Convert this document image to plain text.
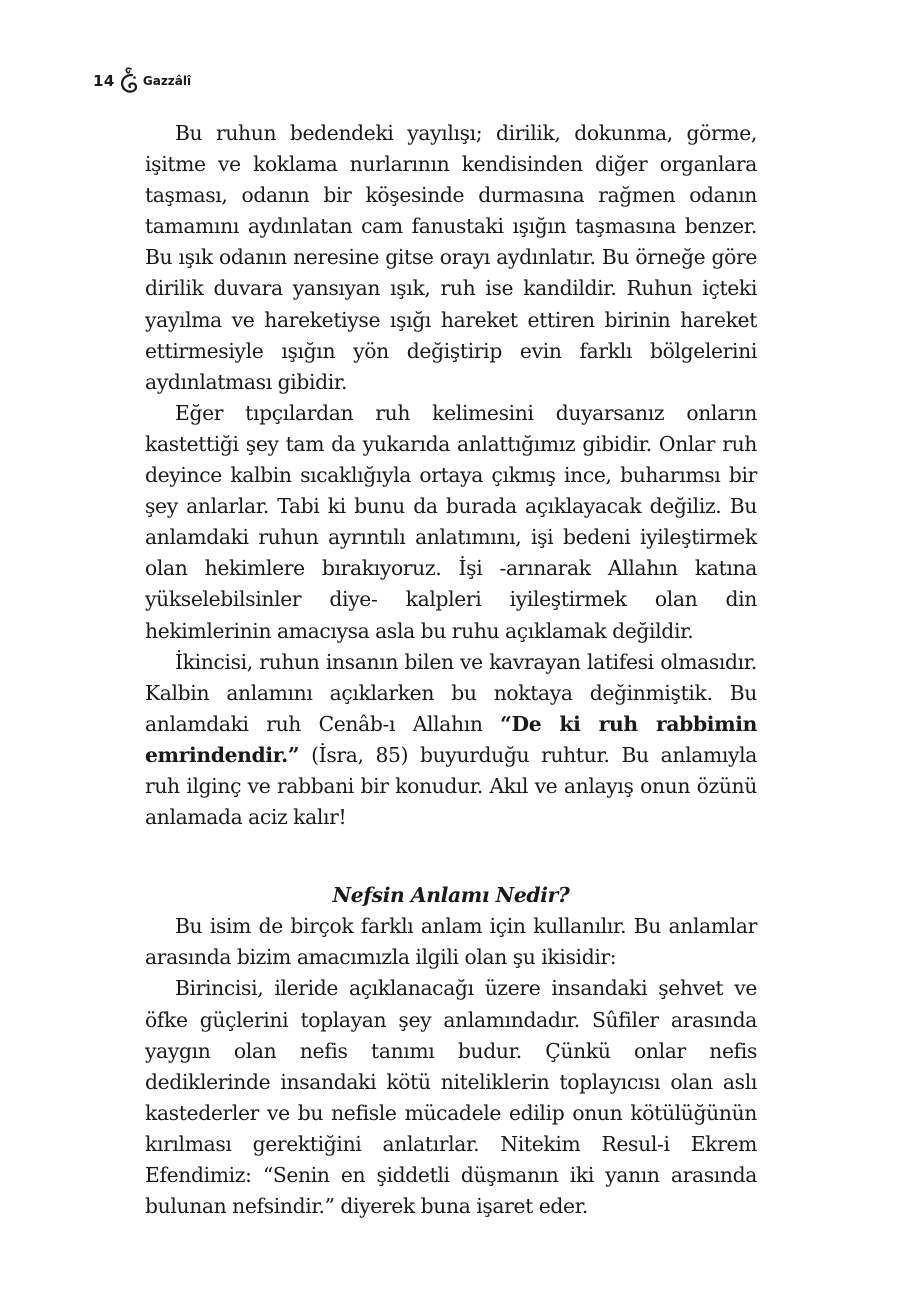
14 Gazzâlî

Bu ruhun bedendeki yayılışı; dirilik, dokunma, görme, işitme ve koklama nurlarının kendisinden diğer organlara taşması, odanın bir köşesinde durmasına rağmen odanın tamamını aydınlatan cam fanustaki ışığın taşmasına benzer. Bu ışık odanın neresine gitse orayı aydınlatır. Bu örneğe göre dirilik duvara yansıyan ışık, ruh ise kandildir. Ruhun içteki yayılma ve hareketiyse ışığı hareket ettiren birinin hareket ettirmesiyle ışığın yön değiştirip evin farklı bölgelerini aydınlatması gibidir.

Eğer tıpçılardan ruh kelimesini duyarsanız onların kastettiği şey tam da yukarıda anlattığımız gibidir. Onlar ruh deyince kalbin sıcaklığıyla ortaya çıkmış ince, buharımsı bir şey anlarlar. Tabi ki bunu da burada açıklayacak değiliz. Bu anlamdaki ruhun ayrıntılı anlatımını, işi bedeni iyileştirmek olan hekimlere bırakıyoruz. İşi -arınarak Allahın katına yükselebilsinler diye- kalpleri iyileştirmek olan din hekimlerinin amacıysa asla bu ruhu açıklamak değildir.

İkincisi, ruhun insanın bilen ve kavrayan latifesi olmasıdır. Kalbin anlamını açıklarken bu noktaya değinmiştik. Bu anlamdaki ruh Cenâb-ı Allahın “De ki ruh rabbimin emrindendir.” (İsra, 85) buyurduğu ruhtur. Bu anlamıyla ruh ilginç ve rabbani bir konudur. Akıl ve anlayış onun özünü anlamada aciz kalır!

Nefsin Anlamı Nedir?

Bu isim de birçok farklı anlam için kullanılır. Bu anlamlar arasında bizim amacımızla ilgili olan şu ikisidir:

Birincisi, ileride açıklanacağı üzere insandaki şehvet ve öfke güçlerini toplayan şey anlamındadır. Sûfiler arasında yaygın olan nefis tanımı budur. Çünkü onlar nefis dediklerinde insandaki kötü niteliklerin toplayıcısı olan aslı kastederler ve bu nefisle mücadele edilip onun kötülüğünün kırılması gerektiğini anlatırlar. Nitekim Resul-i Ekrem Efendimiz: “Senin en şiddetli düşmanın iki yanın arasında bulunan nefsindir.” diyerek buna işaret eder.
